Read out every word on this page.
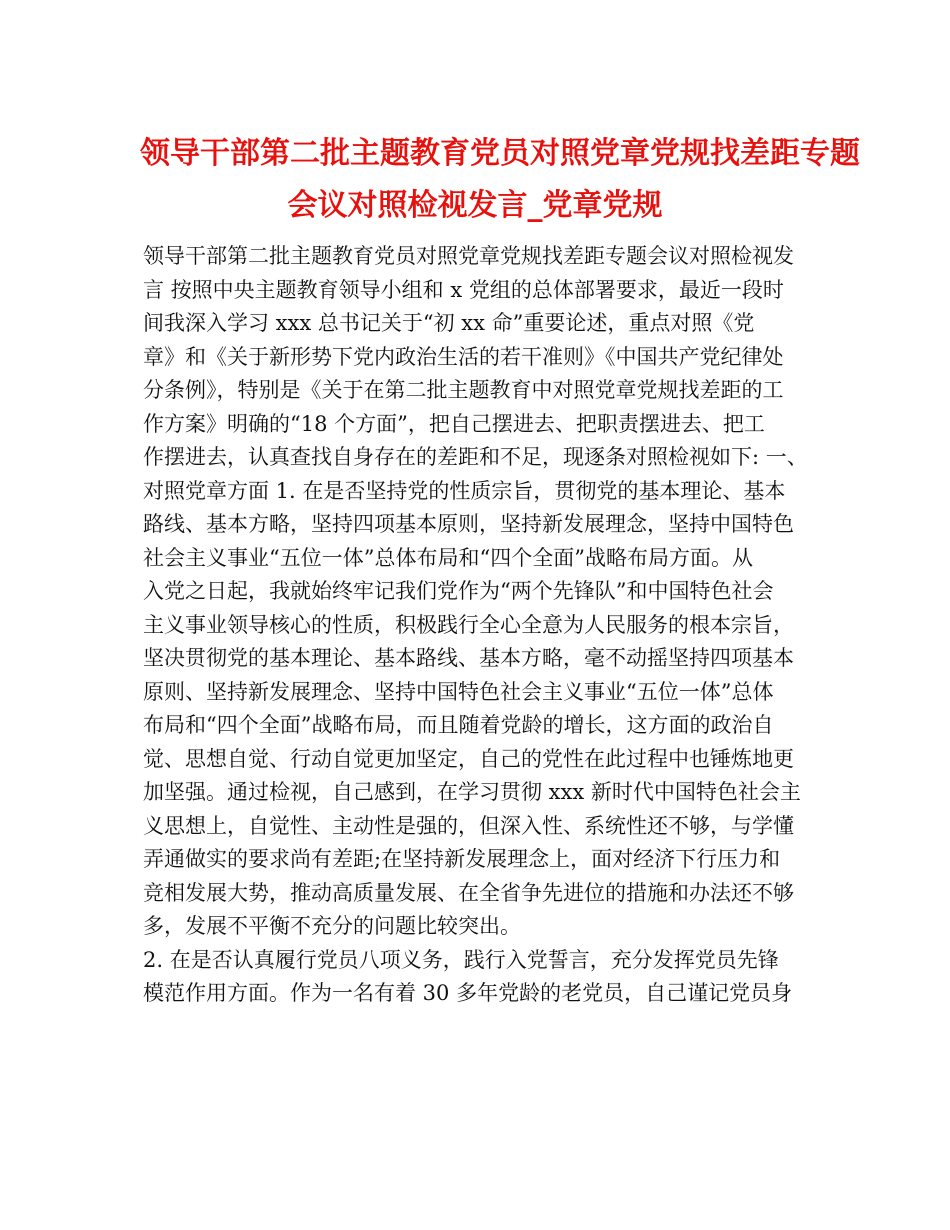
领导干部第二批主题教育党员对照党章党规找差距专题
会议对照检视发言_党章党规
领导干部第二批主题教育党员对照党章党规找差距专题会议对照检视发
言 按照中央主题教育领导小组和 x 党组的总体部署要求，最近一段时
间我深入学习 xxx 总书记关于“初 xx 命”重要论述，重点对照《党
章》和《关于新形势下党内政治生活的若干准则》《中国共产党纪律处
分条例》，特别是《关于在第二批主题教育中对照党章党规找差距的工
作方案》明确的“18 个方面”，把自己摆进去、把职责摆进去、把工
作摆进去，认真查找自身存在的差距和不足，现逐条对照检视如下: 一、
对照党章方面 1. 在是否坚持党的性质宗旨，贯彻党的基本理论、基本
路线、基本方略，坚持四项基本原则，坚持新发展理念，坚持中国特色
社会主义事业“五位一体”总体布局和“四个全面”战略布局方面。从
入党之日起，我就始终牢记我们党作为“两个先锋队”和中国特色社会
主义事业领导核心的性质，积极践行全心全意为人民服务的根本宗旨，
坚决贯彻党的基本理论、基本路线、基本方略，毫不动摇坚持四项基本
原则、坚持新发展理念、坚持中国特色社会主义事业“五位一体”总体
布局和“四个全面”战略布局，而且随着党龄的增长，这方面的政治自
觉、思想自觉、行动自觉更加坚定，自己的党性在此过程中也锤炼地更
加坚强。通过检视，自己感到，在学习贯彻 xxx 新时代中国特色社会主
义思想上，自觉性、主动性是强的，但深入性、系统性还不够，与学懂
弄通做实的要求尚有差距;在坚持新发展理念上，面对经济下行压力和
竞相发展大势，推动高质量发展、在全省争先进位的措施和办法还不够
多，发展不平衡不充分的问题比较突出。
2. 在是否认真履行党员八项义务，践行入党誓言，充分发挥党员先锋
模范作用方面。作为一名有着 30 多年党龄的老党员，自己谨记党员身
